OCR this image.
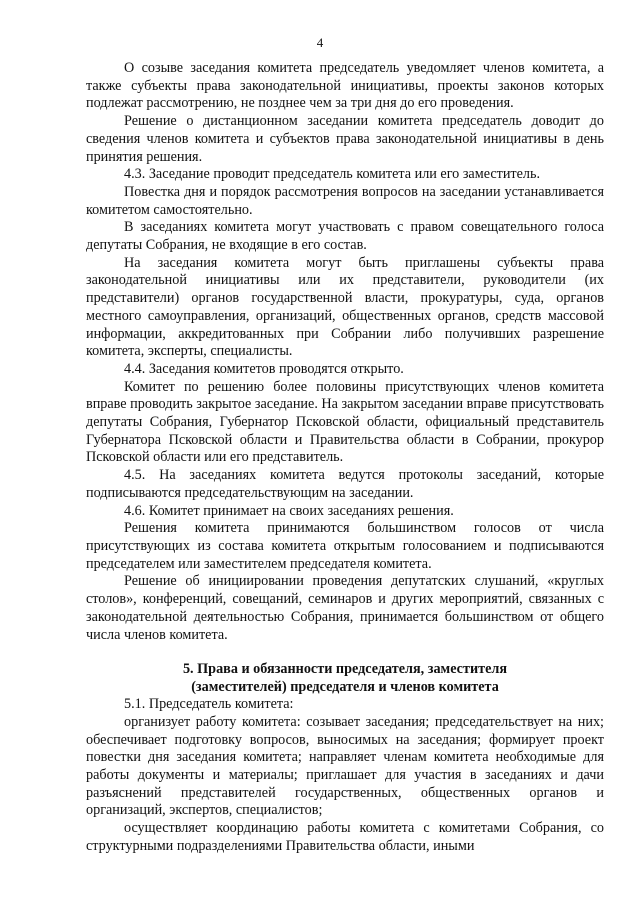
4

О созыве заседания комитета председатель уведомляет членов комитета, а также субъекты права законодательной инициативы, проекты законов которых подлежат рассмотрению, не позднее чем за три дня до его проведения.

Решение о дистанционном заседании комитета председатель доводит до сведения членов комитета и субъектов права законодательной инициативы в день принятия решения.

4.3. Заседание проводит председатель комитета или его заместитель.

Повестка дня и порядок рассмотрения вопросов на заседании устанавливается комитетом самостоятельно.

В заседаниях комитета могут участвовать с правом совещательного голоса депутаты Собрания, не входящие в его состав.

На заседания комитета могут быть приглашены субъекты права законодательной инициативы или их представители, руководители (их представители) органов государственной власти, прокуратуры, суда, органов местного самоуправления, организаций, общественных органов, средств массовой информации, аккредитованных при Собрании либо получивших разрешение комитета, эксперты, специалисты.

4.4. Заседания комитетов проводятся открыто.

Комитет по решению более половины присутствующих членов комитета вправе проводить закрытое заседание. На закрытом заседании вправе присутствовать депутаты Собрания, Губернатор Псковской области, официальный представитель Губернатора Псковской области и Правительства области в Собрании, прокурор Псковской области или его представитель.

4.5. На заседаниях комитета ведутся протоколы заседаний, которые подписываются председательствующим на заседании.

4.6. Комитет принимает на своих заседаниях решения.

Решения комитета принимаются большинством голосов от числа присутствующих из состава комитета открытым голосованием и подписываются председателем или заместителем председателя комитета.

Решение об инициировании проведения депутатских слушаний, «круглых столов», конференций, совещаний, семинаров и других мероприятий, связанных с законодательной деятельностью Собрания, принимается большинством от общего числа членов комитета.

5. Права и обязанности председателя, заместителя
(заместителей) председателя и членов комитета

5.1. Председатель комитета:

организует работу комитета: созывает заседания; председательствует на них; обеспечивает подготовку вопросов, выносимых на заседания; формирует проект повестки дня заседания комитета; направляет членам комитета необходимые для работы документы и материалы; приглашает для участия в заседаниях и дачи разъяснений представителей государственных, общественных органов и организаций, экспертов, специалистов;

осуществляет координацию работы комитета с комитетами Собрания, со структурными подразделениями Правительства области, иными
